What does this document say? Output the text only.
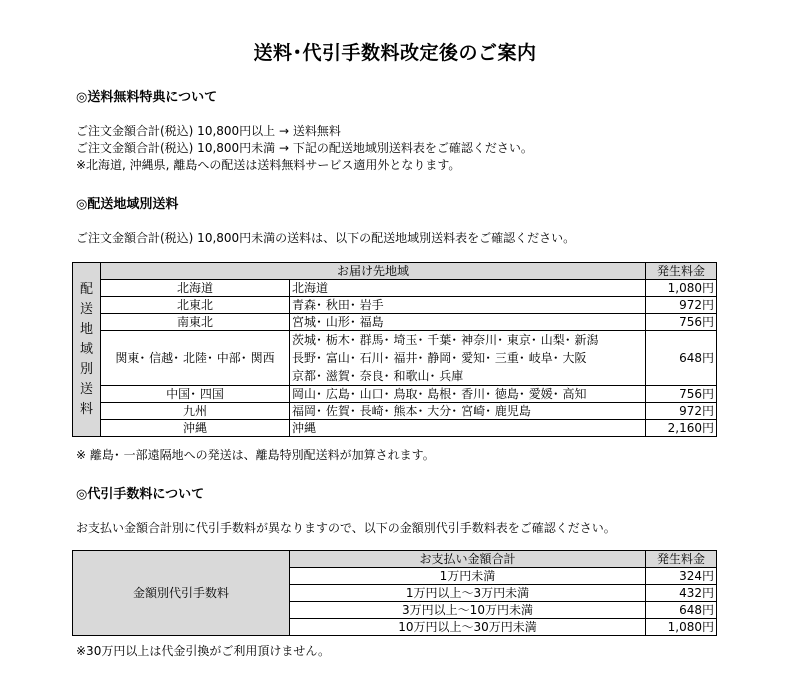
送料･代引手数料改定後のご案内
◎送料無料特典について
ご注文金額合計(税込) 10,800円以上 → 送料無料
ご注文金額合計(税込) 10,800円未満 → 下記の配送地域別送料表をご確認ください。
※北海道, 沖縄県, 離島への配送は送料無料サービス適用外となります。
◎配送地域別送料
ご注文金額合計(税込) 10,800円未満の送料は、以下の配送地域別送料表をご確認ください。
配送地域別送料	お届け先地域		発生料金
	北海道	北海道	1,080円
	北東北	青森･ 秋田･ 岩手	972円
	南東北	宮城･ 山形･ 福島	756円
	関東･ 信越･ 北陸･ 中部･ 関西	茨城･ 栃木･ 群馬･ 埼玉･ 千葉･ 神奈川･ 東京･ 山梨･ 新潟
長野･ 富山･ 石川･ 福井･ 静岡･ 愛知･ 三重･ 岐阜･ 大阪
京都･ 滋賀･ 奈良･ 和歌山･ 兵庫	648円
	中国･ 四国	岡山･ 広島･ 山口･ 鳥取･ 島根･ 香川･ 徳島･ 愛媛･ 高知	756円
	九州	福岡･ 佐賀･ 長崎･ 熊本･ 大分･ 宮崎･ 鹿児島	972円
	沖縄	沖縄	2,160円
※ 離島･ 一部遠隔地への発送は、離島特別配送料が加算されます。
◎代引手数料について
お支払い金額合計別に代引手数料が異なりますので、以下の金額別代引手数料表をご確認ください。
金額別代引手数料	お支払い金額合計	発生料金
	1万円未満	324円
	1万円以上～3万円未満	432円
	3万円以上～10万円未満	648円
	10万円以上～30万円未満	1,080円
※30万円以上は代金引換がご利用頂けません。
